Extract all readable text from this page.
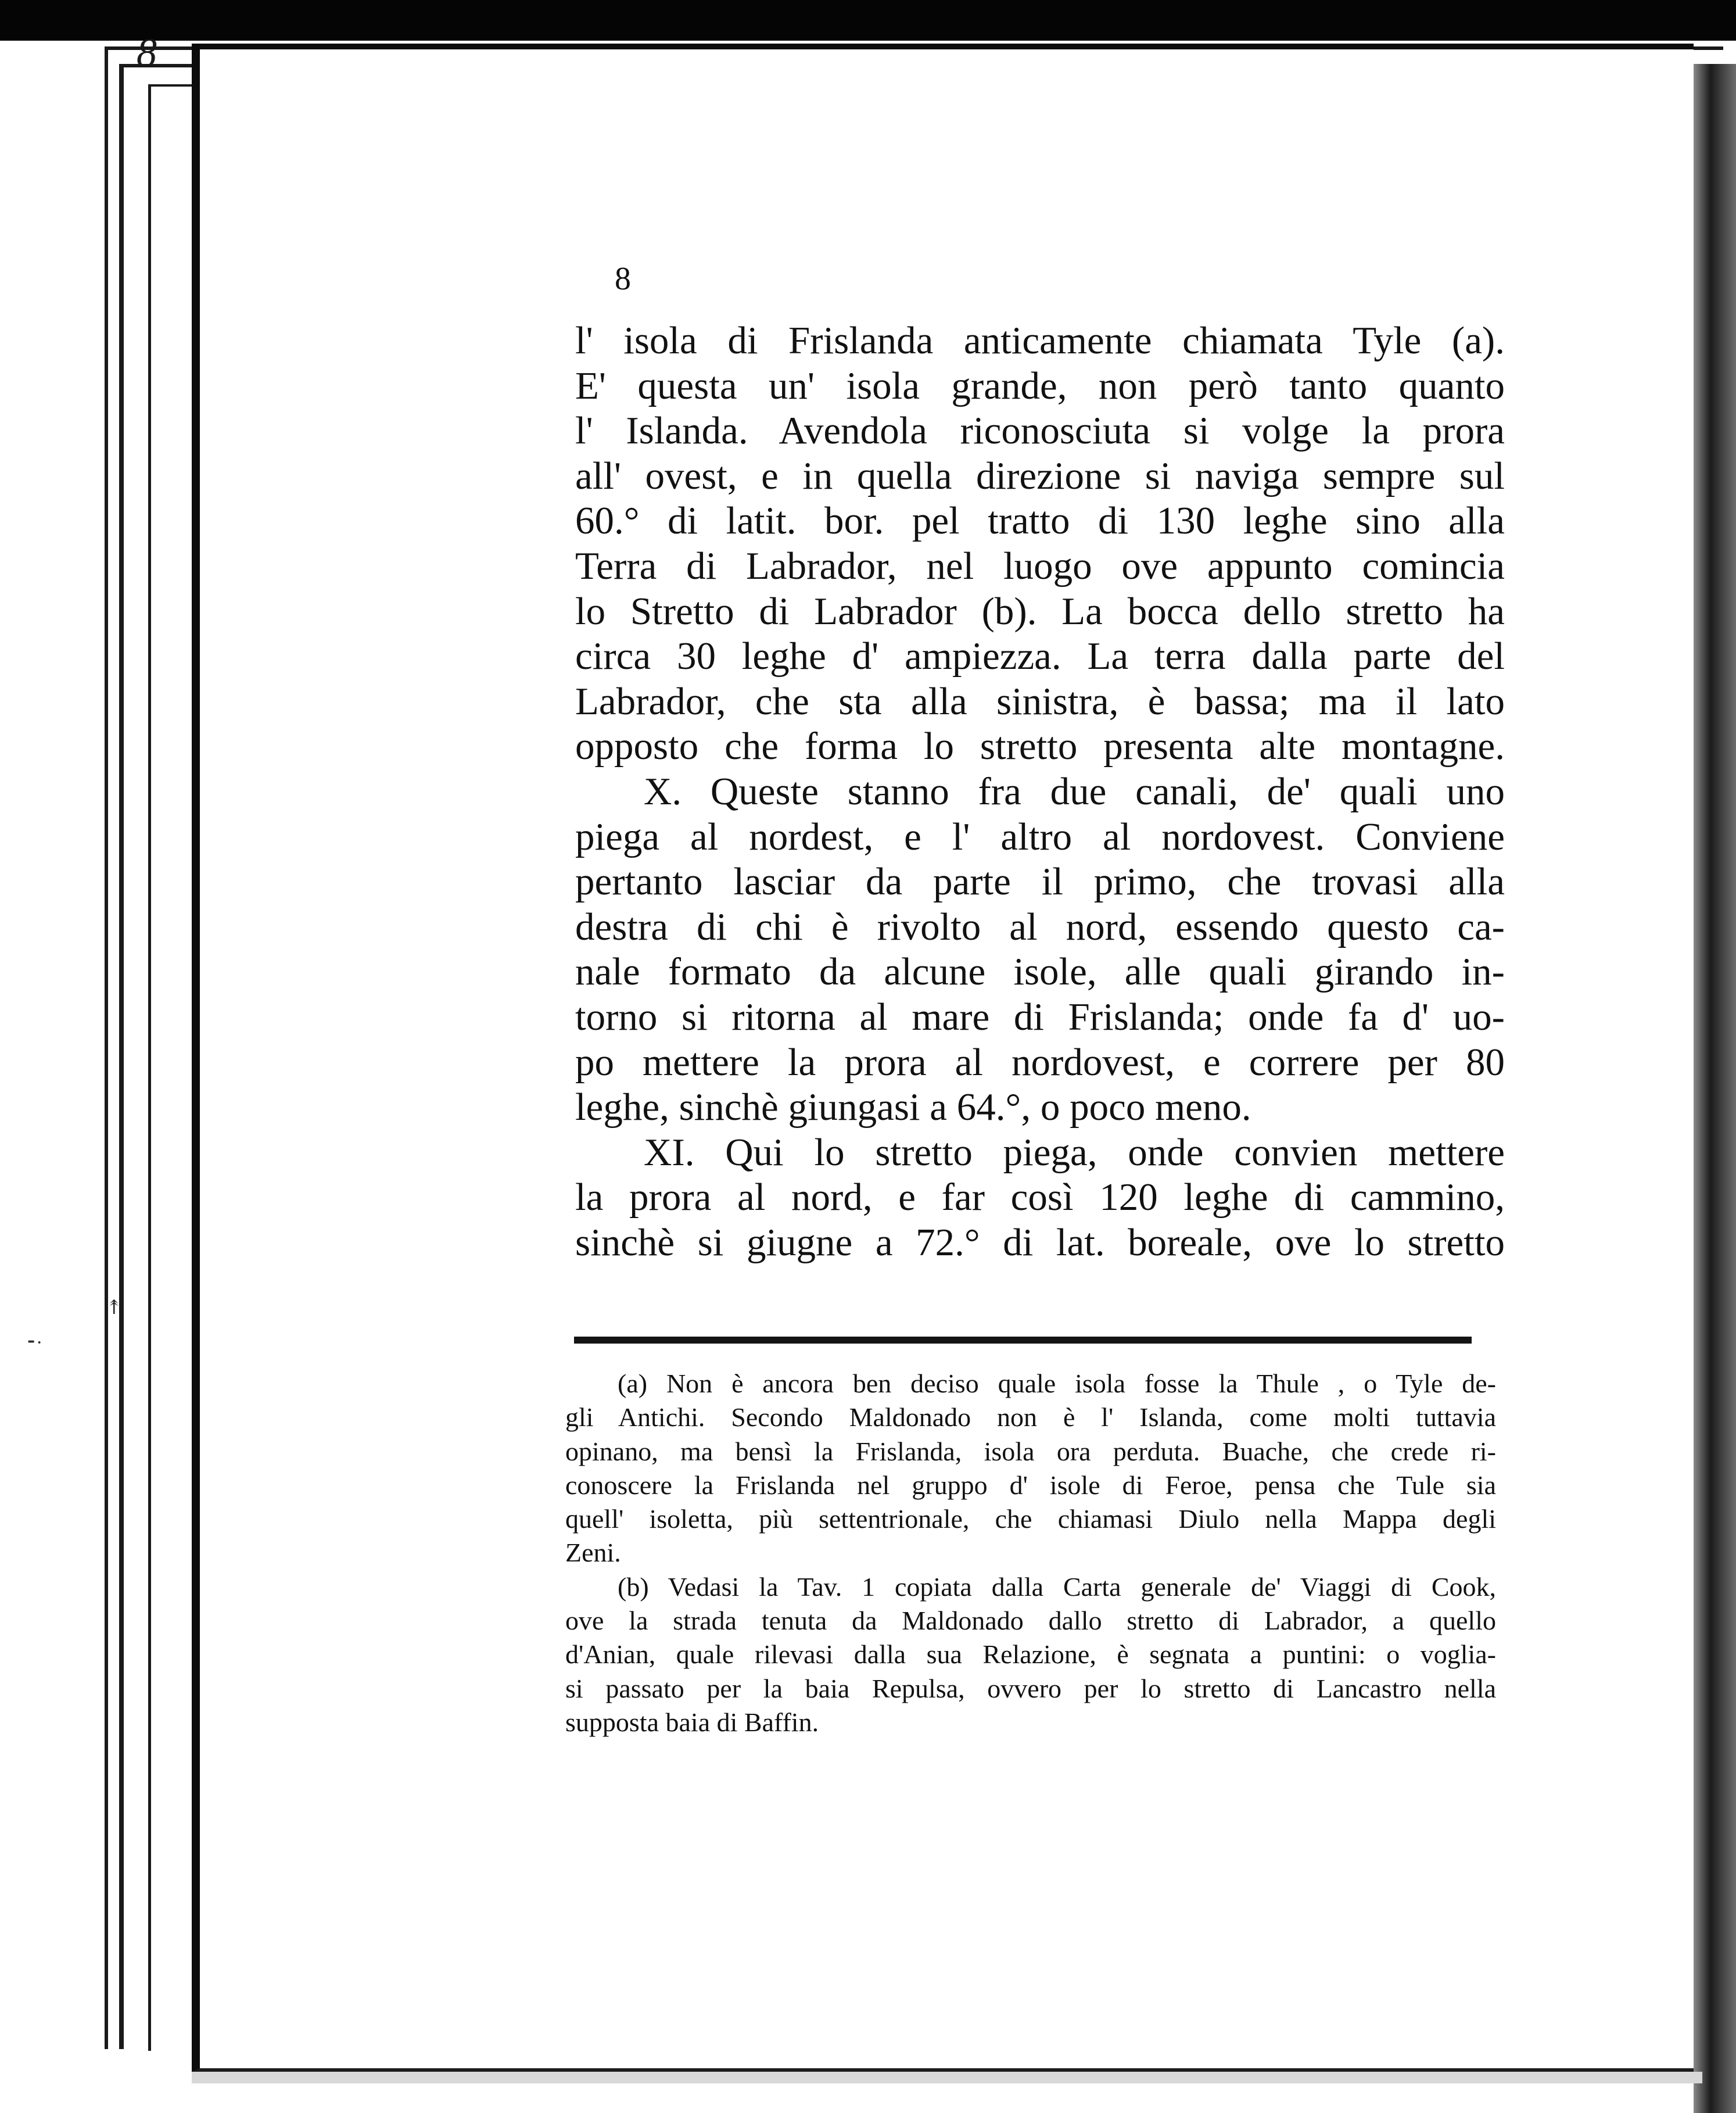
8
⁃·
↟
8
l' isola di Frislanda anticamente chiamata Tyle (a).
E' questa un' isola grande, non però tanto quanto
l' Islanda. Avendola riconosciuta si volge la prora
all' ovest, e in quella direzione si naviga sempre sul
60.° di latit. bor. pel tratto di 130 leghe sino alla
Terra di Labrador, nel luogo ove appunto comincia
lo Stretto di Labrador (b). La bocca dello stretto ha
circa 30 leghe d' ampiezza. La terra dalla parte del
Labrador, che sta alla sinistra, è bassa; ma il lato
opposto che forma lo stretto presenta alte montagne.
X. Queste stanno fra due canali, de' quali uno
piega al nordest, e l' altro al nordovest. Conviene
pertanto lasciar da parte il primo, che trovasi alla
destra di chi è rivolto al nord, essendo questo ca-
nale formato da alcune isole, alle quali girando in-
torno si ritorna al mare di Frislanda; onde fa d' uo-
po mettere la prora al nordovest, e correre per 80
leghe, sinchè giungasi a 64.°, o poco meno.
XI. Qui lo stretto piega, onde convien mettere
la prora al nord, e far così 120 leghe di cammino,
sinchè si giugne a 72.° di lat. boreale, ove lo stretto
(a) Non è ancora ben deciso quale isola fosse la Thule , o Tyle de-
gli Antichi. Secondo Maldonado non è l' Islanda, come molti tuttavia
opinano, ma bensì la Frislanda, isola ora perduta. Buache, che crede ri-
conoscere la Frislanda nel gruppo d' isole di Feroe, pensa che Tule sia
quell' isoletta, più settentrionale, che chiamasi Diulo nella Mappa degli
Zeni.
(b) Vedasi la Tav. 1 copiata dalla Carta generale de' Viaggi di Cook,
ove la strada tenuta da Maldonado dallo stretto di Labrador, a quello
d'Anian, quale rilevasi dalla sua Relazione, è segnata a puntini: o voglia-
si passato per la baia Repulsa, ovvero per lo stretto di Lancastro nella
supposta baia di Baffin.
